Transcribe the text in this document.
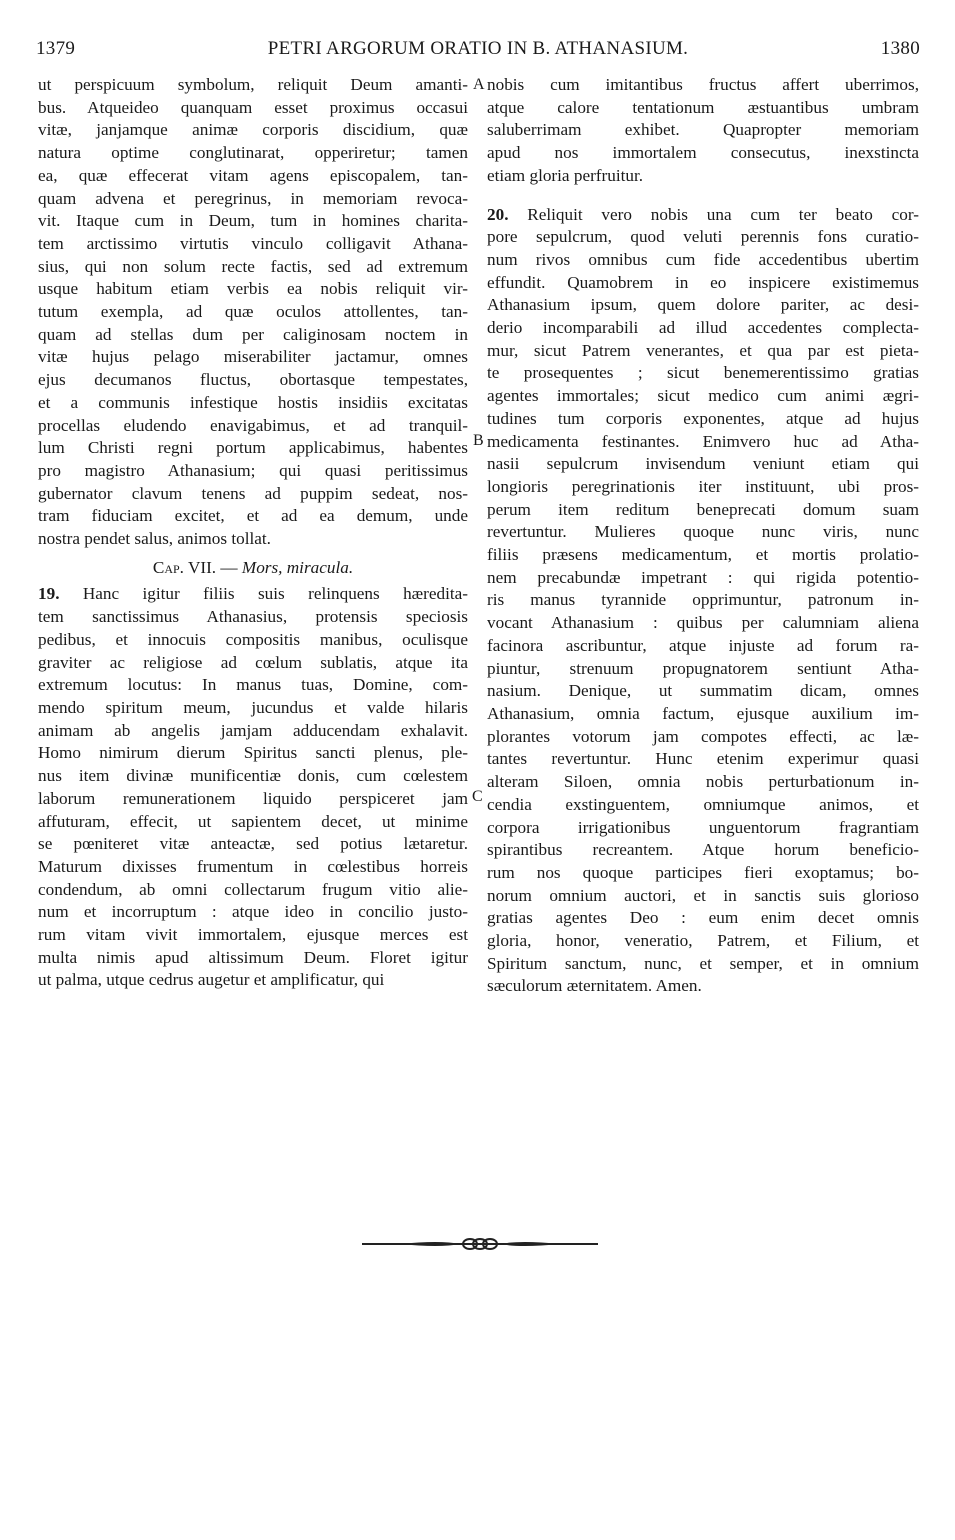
1379	PETRI ARGORUM ORATIO IN B. ATHANASIUM.	1380
A
B
C

ut perspicuum symbolum, reliquit Deum amanti-
bus. Atqueideo quanquam esset proximus occasui
vitæ, janjamque animæ corporis discidium, quæ
natura optime conglutinarat, opperiretur; tamen
ea, quæ effecerat vitam agens episcopalem, tan-
quam advena et peregrinus, in memoriam revoca-
vit. Itaque cum in Deum, tum in homines charita-
tem arctissimo virtutis vinculo colligavit Athana-
sius, qui non solum recte factis, sed ad extremum
usque habitum etiam verbis ea nobis reliquit vir-
tutum exempla, ad quæ oculos attollentes, tan-
quam ad stellas dum per caliginosam noctem in
vitæ hujus pelago miserabiliter jactamur, omnes
ejus decumanos fluctus, obortasque tempestates,
et a communis infestique hostis insidiis excitatas
procellas eludendo enavigabimus, et ad tranquil-
lum Christi regni portum applicabimus, habentes
pro magistro Athanasium; qui quasi peritissimus
gubernator clavum tenens ad puppim sedeat, nos-
tram fiduciam excitet, et ad ea demum, unde
nostra pendet salus, animos tollat.

Cap. VII. — Mors, miracula.

19. Hanc igitur filiis suis relinquens hæredita-
tem sanctissimus Athanasius, protensis speciosis
pedibus, et innocuis compositis manibus, oculisque
graviter ac religiose ad cœlum sublatis, atque ita
extremum locutus: In manus tuas, Domine, com-
mendo spiritum meum, jucundus et valde hilaris
animam ab angelis jamjam adducendam exhalavit.
Homo nimirum dierum Spiritus sancti plenus, ple-
nus item divinæ munificentiæ donis, cum cœlestem
laborum remunerationem liquido perspiceret jam
affuturam, effecit, ut sapientem decet, ut minime
se pœniteret vitæ anteactæ, sed potius lætaretur.
Maturum dixisses frumentum in cœlestibus horreis
condendum, ab omni collectarum frugum vitio alie-
num et incorruptum : atque ideo in concilio justo-
rum vitam vivit immortalem, ejusque merces est
multa nimis apud altissimum Deum. Floret igitur
ut palma, utque cedrus augetur et amplificatur, qui

nobis cum imitantibus fructus affert uberrimos,
atque calore tentationum æstuantibus umbram
saluberrimam exhibet. Quapropter memoriam
apud nos immortalem consecutus, inexstincta
etiam gloria perfruitur.

20. Reliquit vero nobis una cum ter beato cor-
pore sepulcrum, quod veluti perennis fons curatio-
num rivos omnibus cum fide accedentibus ubertim
effundit. Quamobrem in eo inspicere existimemus
Athanasium ipsum, quem dolore pariter, ac desi-
derio incomparabili ad illud accedentes complecta-
mur, sicut Patrem venerantes, et qua par est pieta-
te prosequentes ; sicut benemerentissimo gratias
agentes immortales; sicut medico cum animi ægri-
tudines tum corporis exponentes, atque ad hujus
medicamenta festinantes. Enimvero huc ad Atha-
nasii sepulcrum invisendum veniunt etiam qui
longioris peregrinationis iter instituunt, ubi pros-
perum item reditum beneprecati domum suam
revertuntur. Mulieres quoque nunc viris, nunc
filiis præsens medicamentum, et mortis prolatio-
nem precabundæ impetrant : qui rigida potentio-
ris manus tyrannide opprimuntur, patronum in-
vocant Athanasium : quibus per calumniam aliena
facinora ascribuntur, atque injuste ad forum ra-
piuntur, strenuum propugnatorem sentiunt Atha-
nasium. Denique, ut summatim dicam, omnes
Athanasium, omnia factum, ejusque auxilium im-
plorantes votorum jam compotes effecti, ac læ-
tantes revertuntur. Hunc etenim experimur quasi
alteram Siloen, omnia nobis perturbationum in-
cendia exstinguentem, omniumque animos, et
corpora irrigationibus unguentorum fragrantiam
spirantibus recreantem. Atque horum beneficio-
rum nos quoque participes fieri exoptamus; bo-
norum omnium auctori, et in sanctis suis glorioso
gratias agentes Deo : eum enim decet omnis
gloria, honor, veneratio, Patrem, et Filium, et
Spiritum sanctum, nunc, et semper, et in omnium
sæculorum æternitatem. Amen.
